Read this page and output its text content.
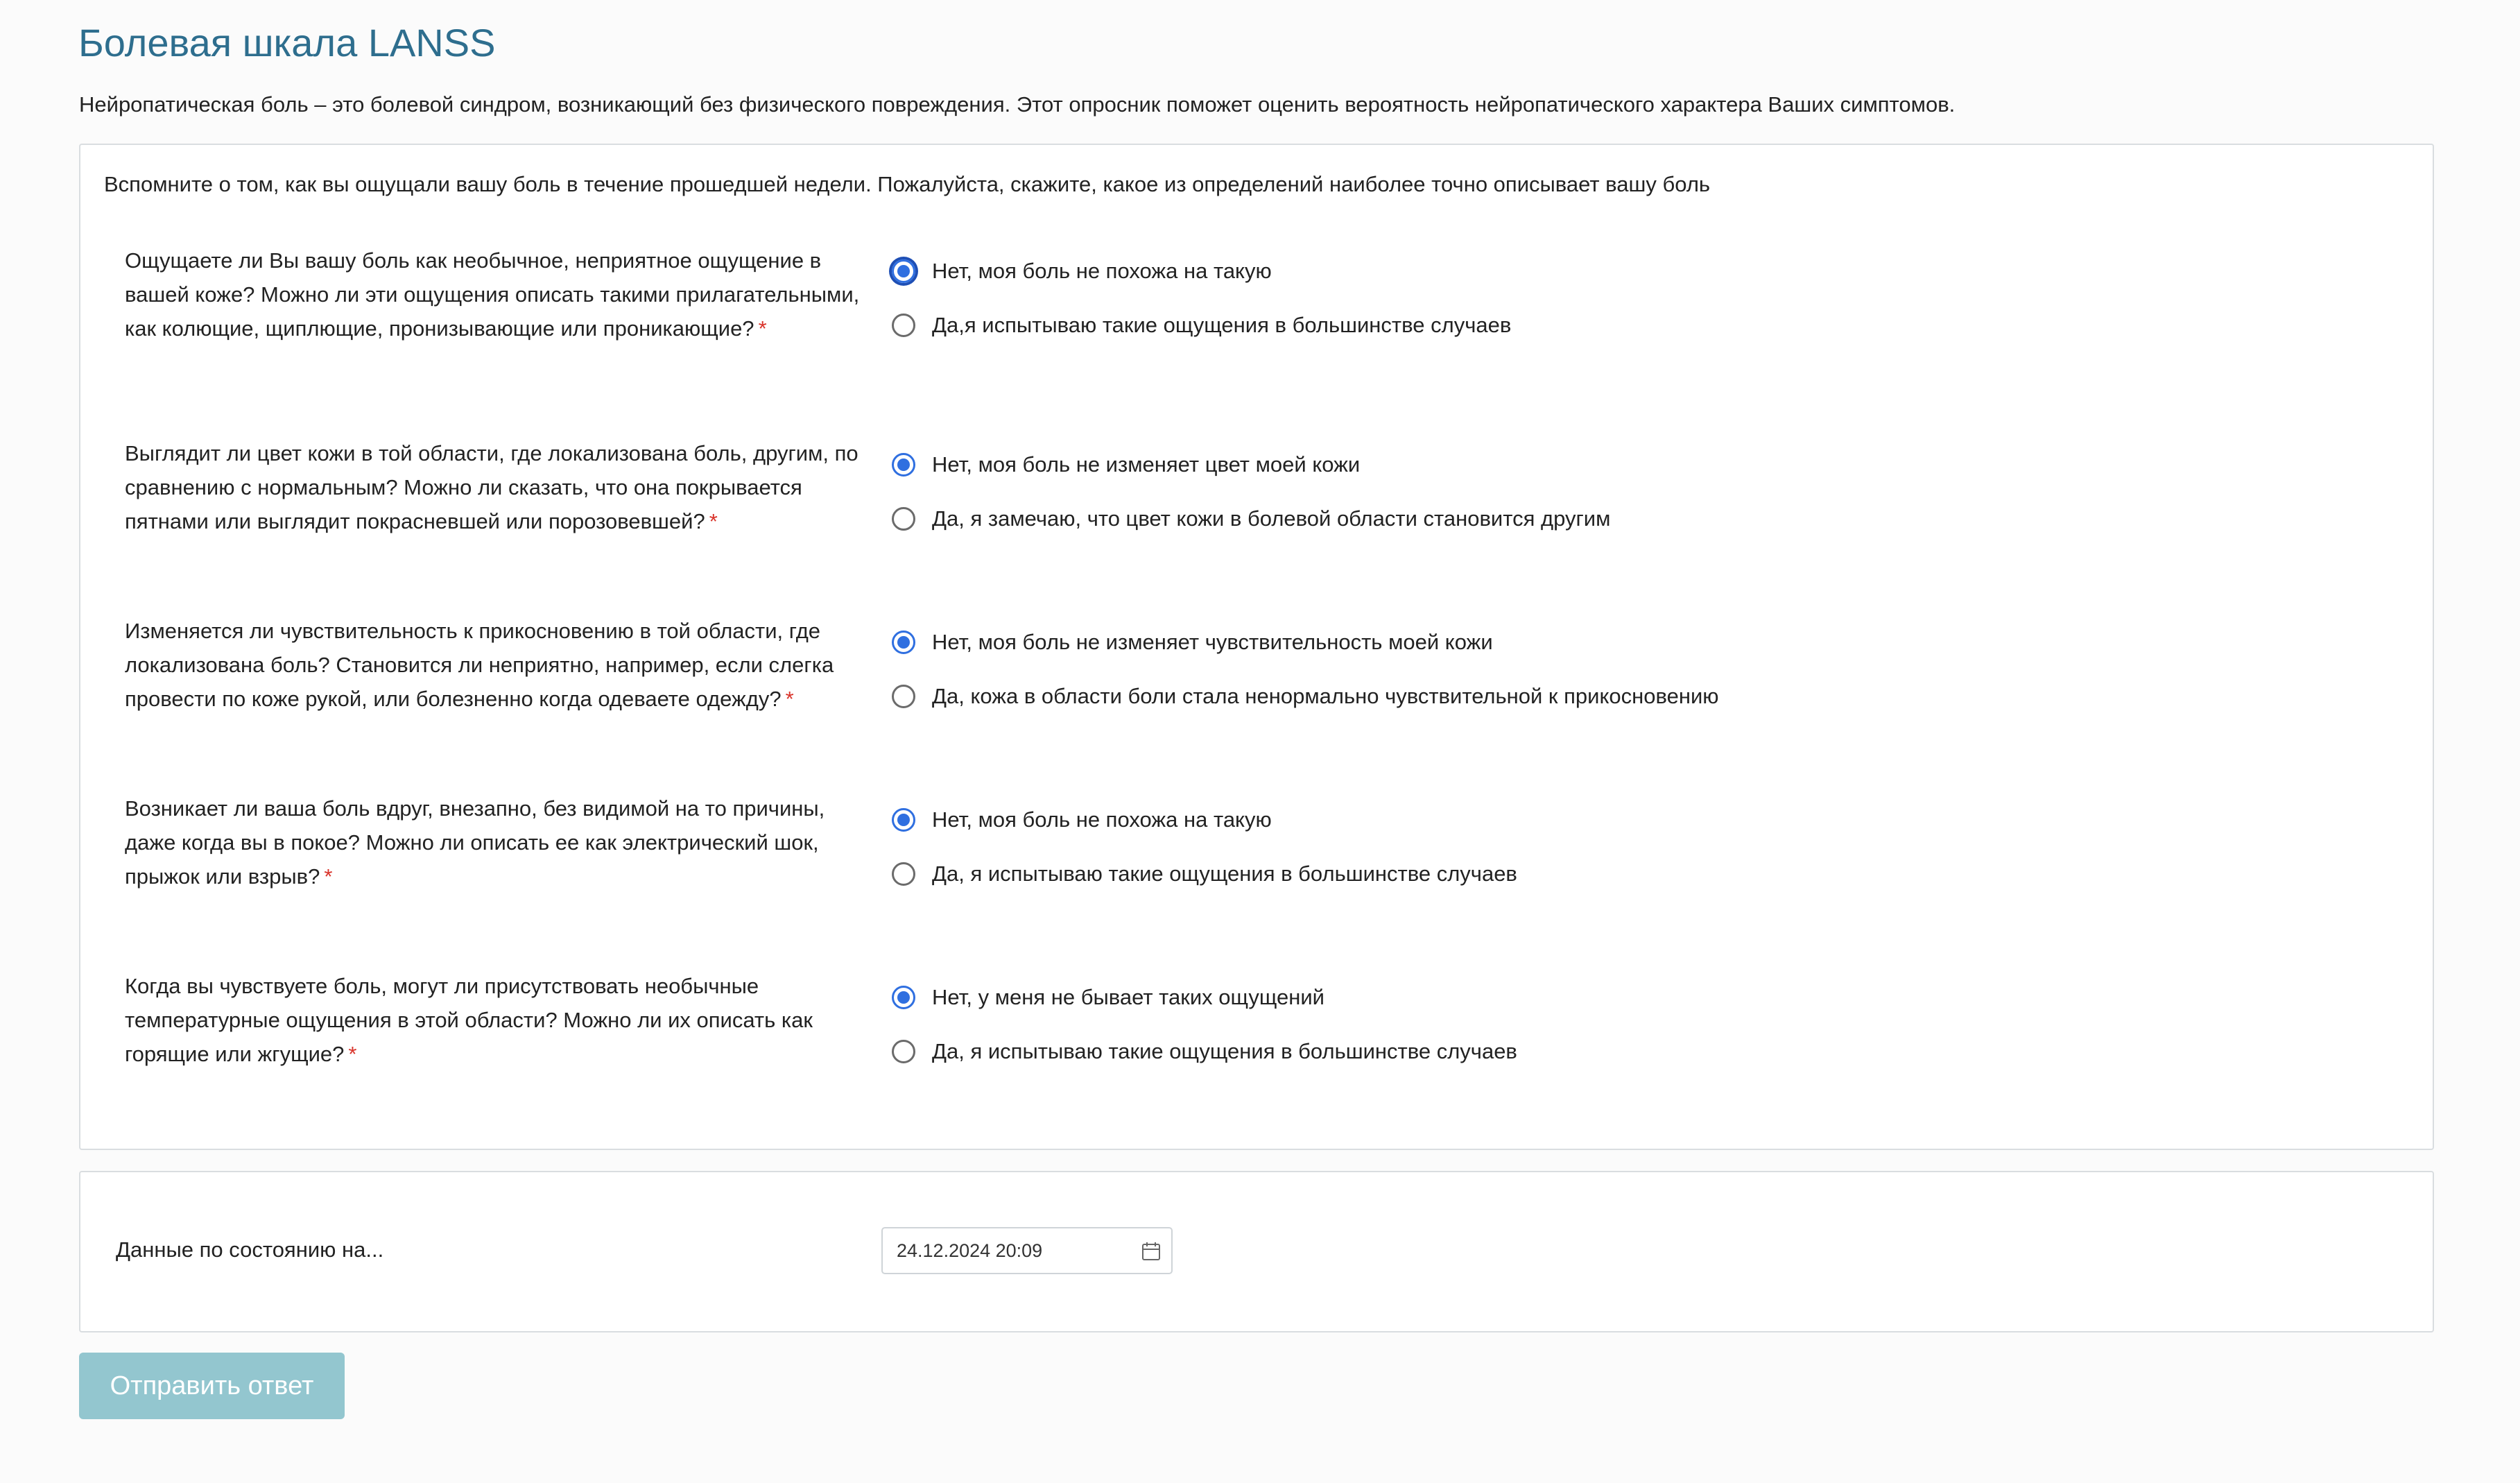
Болевая шкала LANSS
Нейропатическая боль – это болевой синдром, возникающий без физического повреждения. Этот опросник поможет оценить вероятность нейропатического характера Ваших симптомов.
Вспомните о том, как вы ощущали вашу боль в течение прошедшей недели. Пожалуйста, скажите, какое из определений наиболее точно описывает вашу боль
Ощущаете ли Вы вашу боль как необычное, неприятное ощущение в вашей коже? Можно ли эти ощущения описать такими прилагательными, как колющие, щиплющие, пронизывающие или проникающие? *
Нет, моя боль не похожа на такую
Да,я испытываю такие ощущения в большинстве случаев
Выглядит ли цвет кожи в той области, где локализована боль, другим, по сравнению с нормальным? Можно ли сказать, что она покрывается пятнами или выглядит покрасневшей или порозовевшей? *
Нет, моя боль не изменяет цвет моей кожи
Да, я замечаю, что цвет кожи в болевой области становится другим
Изменяется ли чувствительность к прикосновению в той области, где локализована боль? Становится ли неприятно, например, если слегка провести по коже рукой, или болезненно когда одеваете одежду? *
Нет, моя боль не изменяет чувствительность моей кожи
Да, кожа в области боли стала ненормально чувствительной к прикосновению
Возникает ли ваша боль вдруг, внезапно, без видимой на то причины, даже когда вы в покое? Можно ли описать ее как электрический шок, прыжок или взрыв? *
Нет, моя боль не похожа на такую
Да, я испытываю такие ощущения в большинстве случаев
Когда вы чувствуете боль, могут ли присутствовать необычные температурные ощущения в этой области? Можно ли их описать как горящие или жгущие? *
Нет, у меня не бывает таких ощущений
Да, я испытываю такие ощущения в большинстве случаев
Данные по состоянию на...	24.12.2024 20:09
Отправить ответ
